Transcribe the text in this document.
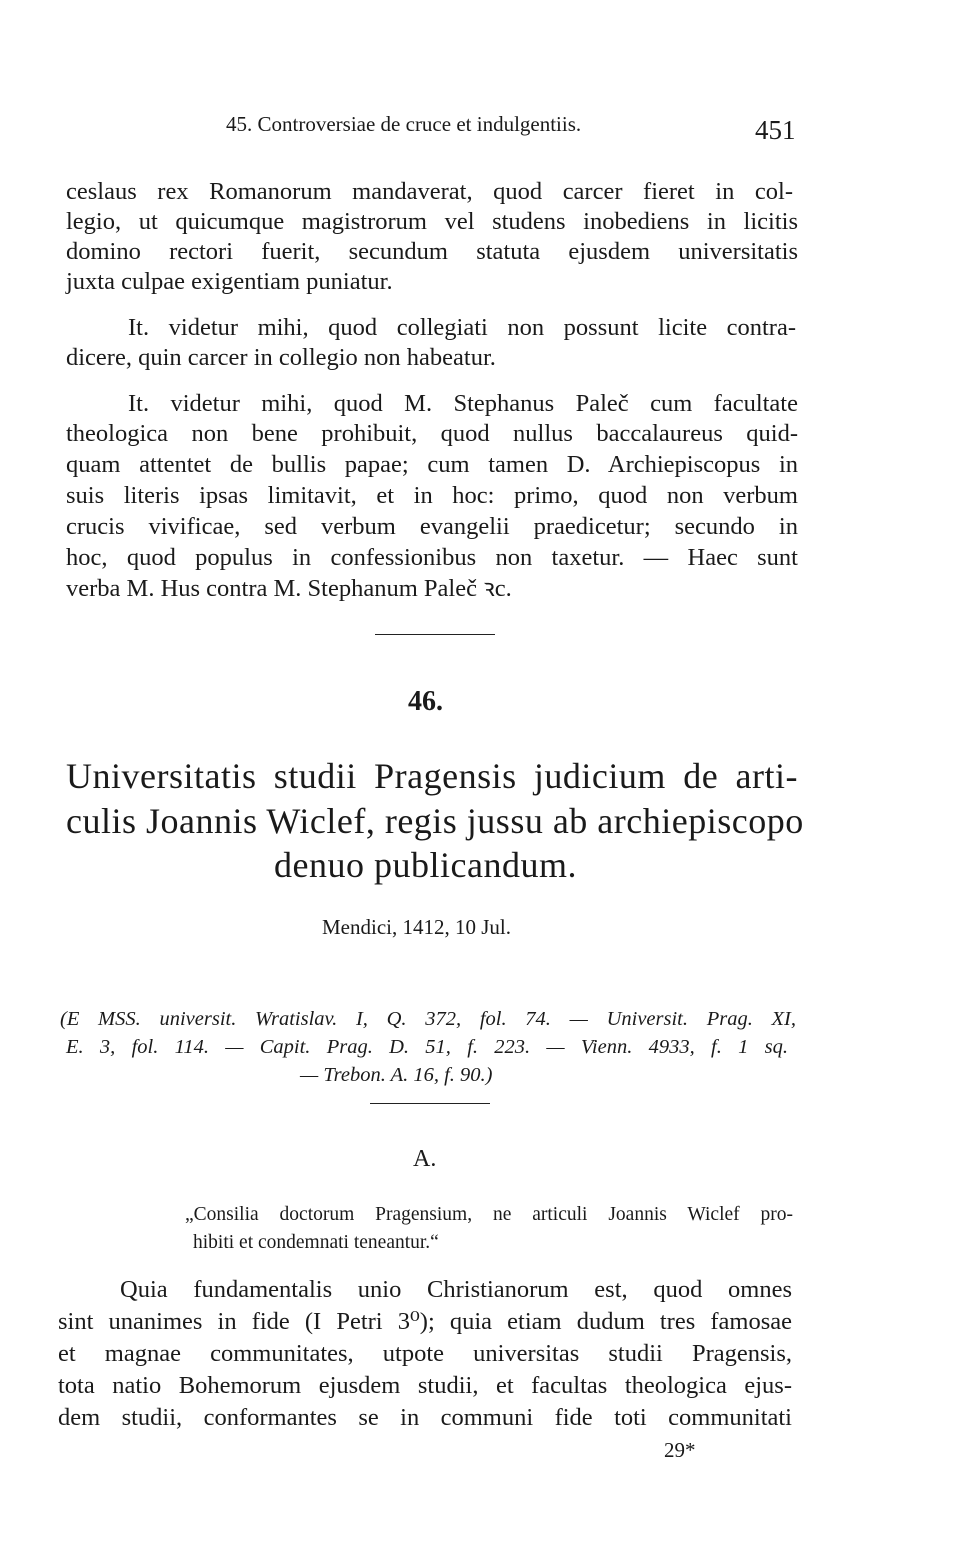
45. Controversiae de cruce et indulgentiis.	451
ceslaus rex Romanorum mandaverat, quod carcer fieret in col-
legio, ut quicumque magistrorum vel studens inobediens in licitis
domino rectori fuerit, secundum statuta ejusdem universitatis
juxta culpae exigentiam puniatur.
It. videtur mihi, quod collegiati non possunt licite contra-
dicere, quin carcer in collegio non habeatur.
It. videtur mihi, quod M. Stephanus Paleč cum facultate
theologica non bene prohibuit, quod nullus baccalaureus quid-
quam attentet de bullis papae; cum tamen D. Archiepiscopus in
suis literis ipsas limitavit, et in hoc: primo, quod non verbum
crucis vivificae, sed verbum evangelii praedicetur; secundo in
hoc, quod populus in confessionibus non taxetur. — Haec sunt
verba M. Hus contra M. Stephanum Paleč ꝛc.
46.
Universitatis studii Pragensis judicium de arti-
culis Joannis Wiclef, regis jussu ab archiepiscopo
denuo publicandum.
Mendici, 1412, 10 Jul.
(E MSS. universit. Wratislav. I, Q. 372, fol. 74. — Universit. Prag. XI,
E. 3, fol. 114. — Capit. Prag. D. 51, f. 223. — Vienn. 4933, f. 1 sq.
— Trebon. A. 16, f. 90.)
A.
„Consilia doctorum Pragensium, ne articuli Joannis Wiclef pro-
hibiti et condemnati teneantur.“
Quia fundamentalis unio Christianorum est, quod omnes
sint unanimes in fide (I Petri 3⁰); quia etiam dudum tres famosae
et magnae communitates, utpote universitas studii Pragensis,
tota natio Bohemorum ejusdem studii, et facultas theologica ejus-
dem studii, conformantes se in communi fide toti communitati
29*
